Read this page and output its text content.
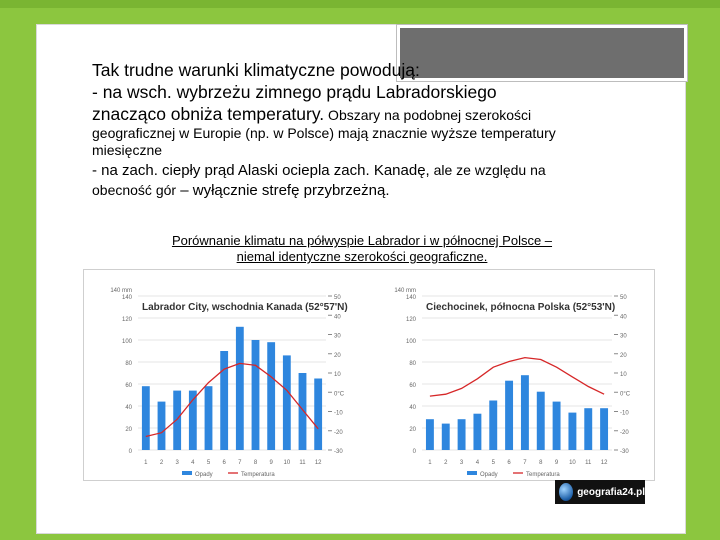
Tak trudne warunki klimatyczne powodują:
- na wsch. wybrzeżu zimnego prądu Labradorskiego
znacząco obniża temperatury. Obszary na podobnej szerokości
geograficznej w Europie (np. w Polsce) mają znacznie wyższe temperatury
miesięczne
- na zach. ciepły prąd Alaski ociepla zach. Kanadę, ale ze względu na
obecność gór – wyłącznie strefę przybrzeżną.
Porównanie klimatu na półwyspie Labrador i w północnej Polsce –
niemal identyczne szerokości geograficzne.
Labrador City, wschodnia Kanada (52°57'N)
0
20
40
60
80
100
120
140
140 mm
-30
-20
-10
0°C
10
20
30
40
50
1 2 3 4 5 6 7 8 9 10 11 12
Opady	Temperatura
Ciechocinek, północna Polska (52°53'N)
0
20
40
60
80
100
120
140
140 mm
-30
-20
-10
0°C
10
20
30
40
50
1 2 3 4 5 6 7 8 9 10 11 12
Opady	Temperatura
geografia24.pl
